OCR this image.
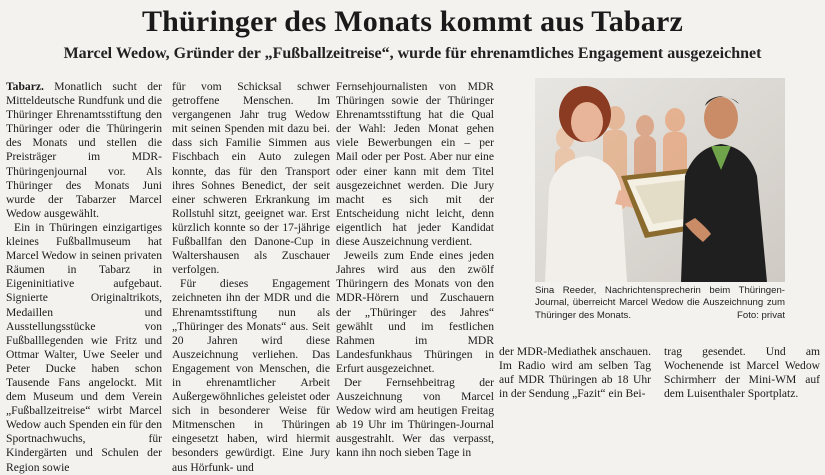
Thüringer des Monats kommt aus Tabarz
Marcel Wedow, Gründer der „Fußballzeitreise“, wurde für ehrenamtliches Engagement ausgezeichnet

Tabarz. Monatlich sucht der Mitteldeutsche Rundfunk und die Thüringer Ehrenamtsstiftung den Thüringer oder die Thüringerin des Monats und stellen die Preisträger im MDR-Thüringenjournal vor. Als Thüringer des Monats Juni wurde der Tabarzer Marcel Wedow ausgewählt.

Ein in Thüringen einzigartiges kleines Fußballmuseum hat Marcel Wedow in seinen privaten Räumen in Tabarz in Eigeninitiative aufgebaut. Signierte Originaltrikots, Medaillen und Ausstellungsstücke von Fußballlegenden wie Fritz und Ottmar Walter, Uwe Seeler und Peter Ducke haben schon Tausende Fans angelockt. Mit dem Museum und dem Verein „Fußballzeitreise“ wirbt Marcel Wedow auch Spenden ein für den Sportnachwuchs, für Kindergärten und Schulen der Region sowie

für vom Schicksal schwer getroffene Menschen. Im vergangenen Jahr trug Wedow mit seinen Spenden mit dazu bei. dass sich Familie Simmen aus Fischbach ein Auto zulegen konnte, das für den Transport ihres Sohnes Benedict, der seit einer schweren Erkrankung im Rollstuhl sitzt, geeignet war. Erst kürzlich konnte so der 17-jährige Fußballfan den Danone-Cup in Waltershausen als Zuschauer verfolgen.

Für dieses Engagement zeichneten ihn der MDR und die Ehrenamtsstiftung nun als „Thüringer des Monats“ aus. Seit 20 Jahren wird diese Auszeichnung verliehen. Das Engagement von Menschen, die in ehrenamtlicher Arbeit Außergewöhnliches geleistet oder sich in besonderer Weise für Mitmenschen in Thüringen eingesetzt haben, wird hiermit besonders gewürdigt. Eine Jury aus Hörfunk- und

Fernsehjournalisten von MDR Thüringen sowie der Thüringer Ehrenamtsstiftung hat die Qual der Wahl: Jeden Monat gehen viele Bewerbungen ein – per Mail oder per Post. Aber nur eine oder einer kann mit dem Titel ausgezeichnet werden. Die Jury macht es sich mit der Entscheidung nicht leicht, denn eigentlich hat jeder Kandidat diese Auszeichnung verdient.

Jeweils zum Ende eines jeden Jahres wird aus den zwölf Thüringern des Monats von den MDR-Hörern und Zuschauern der „Thüringer des Jahres“ gewählt und im festlichen Rahmen im MDR Landesfunkhaus Thüringen in Erfurt ausgezeichnet.

Der Fernsehbeitrag der Auszeichnung von Marcel Wedow wird am heutigen Freitag ab 19 Uhr im Thüringen-Journal ausgestrahlt. Wer das verpasst, kann ihn noch sieben Tage in

Sina Reeder, Nachrichtensprecherin beim Thüringen-Journal, überreicht Marcel Wedow die Auszeichnung zum Thüringer des Monats.	Foto: privat

der MDR-Mediathek anschauen. Im Radio wird am selben Tag auf MDR Thüringen ab 18 Uhr in der Sendung „Fazit“ ein Bei-

trag gesendet. Und am Wochenende ist Marcel Wedow Schirmherr der Mini-WM auf dem Luisenthaler Sportplatz.
